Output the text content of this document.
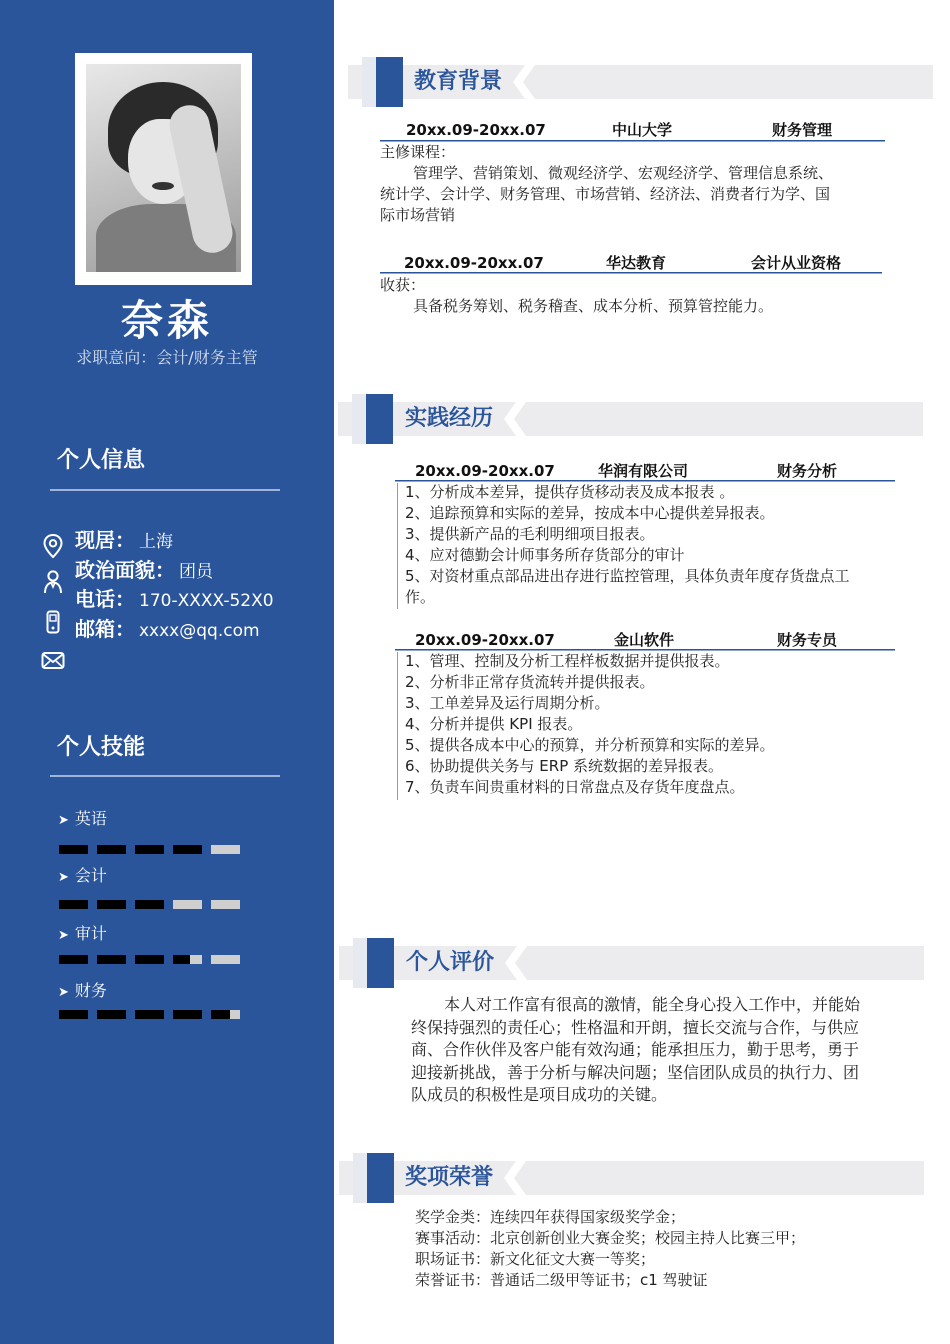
奈森
求职意向：会计/财务主管
个人信息
现居： 上海
政治面貌： 团员
电话： 170-XXXX-52X0
邮箱： xxxx@qq.com
个人技能
➤ 英语
➤ 会计
➤ 审计
➤ 财务
教育背景
20xx.09-20xx.07	中山大学	财务管理

主修课程：

管理学、营销策划、微观经济学、宏观经济学、管理信息系统、

统计学、会计学、财务管理、市场营销、经济法、消费者行为学、国

际市场营销

20xx.09-20xx.07	华达教育	会计从业资格

收获：

具备税务筹划、税务稽查、成本分析、预算管控能力。

实践经历
20xx.09-20xx.07	华润有限公司	财务分析

1、分析成本差异，提供存货移动表及成本报表 。

2、追踪预算和实际的差异，按成本中心提供差异报表。

3、提供新产品的毛利明细项目报表。

4、应对德勤会计师事务所存货部分的审计

5、对资材重点部品进出存进行监控管理，具体负责年度存货盘点工

作。

20xx.09-20xx.07	金山软件	财务专员

1、管理、控制及分析工程样板数据并提供报表。

2、分析非正常存货流转并提供报表。

3、工单差异及运行周期分析。

4、分析并提供 KPI 报表。

5、提供各成本中心的预算，并分析预算和实际的差异。

6、协助提供关务与 ERP 系统数据的差异报表。

7、负责车间贵重材料的日常盘点及存货年度盘点。

个人评价

本人对工作富有很高的激情，能全身心投入工作中，并能始

终保持强烈的责任心；性格温和开朗，擅长交流与合作，与供应

商、合作伙伴及客户能有效沟通；能承担压力，勤于思考，勇于

迎接新挑战，善于分析与解决问题；坚信团队成员的执行力、团

队成员的积极性是项目成功的关键。

奖项荣誉

奖学金类：连续四年获得国家级奖学金；

赛事活动：北京创新创业大赛金奖；校园主持人比赛三甲；

职场证书：新文化征文大赛一等奖；

荣誉证书：普通话二级甲等证书；c1 驾驶证
